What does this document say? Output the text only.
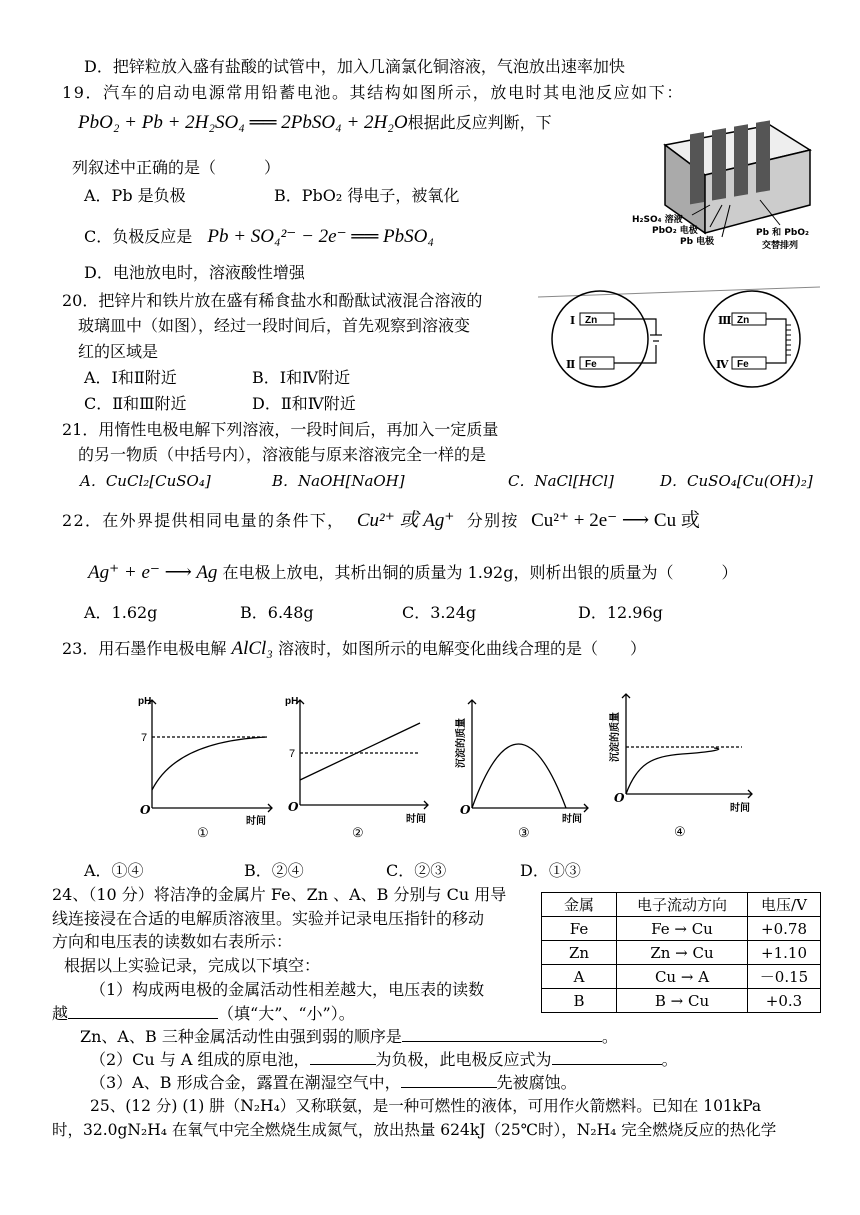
D．把锌粒放入盛有盐酸的试管中，加入几滴氯化铜溶液，气泡放出速率加快
19．汽车的启动电源常用铅蓄电池。其结构如图所示，放电时其电池反应如下：
PbO₂ + Pb + 2H₂SO₄ ══ 2PbSO₄ + 2H₂O根据此反应判断，下
列叙述中正确的是（　　　）
A．Pb 是负极	B．PbO₂ 得电子，被氧化
C．负极反应是 Pb + SO₄²⁻ − 2e⁻ ══ PbSO₄
D．电池放电时，溶液酸性增强
H₂SO₄ 溶液
PbO₂ 电极
Pb 电极
Pb 和 PbO₂
交替排列
20．把锌片和铁片放在盛有稀食盐水和酚酞试液混合溶液的
玻璃皿中（如图），经过一段时间后，首先观察到溶液变
红的区域是
A．Ⅰ和Ⅱ附近	B．Ⅰ和Ⅳ附近
C．Ⅱ和Ⅲ附近	D．Ⅱ和Ⅳ附近
Ⅰ Zn
Ⅱ Fe
Ⅲ Zn
Ⅳ Fe
21．用惰性电极电解下列溶液，一段时间后，再加入一定质量
的另一物质（中括号内），溶液能与原来溶液完全一样的是
A．CuCl₂[CuSO₄]	B．NaOH[NaOH]	C．NaCl[HCl]	D．CuSO₄[Cu(OH)₂]
22．在外界提供相同电量的条件下， Cu²⁺ 或 Ag⁺ 分别按 Cu²⁺ + 2e⁻ ⟶ Cu 或
Ag⁺ + e⁻ ⟶ Ag 在电极上放电，其析出铜的质量为 1.92g，则析出银的质量为（　　　）
A．1.62g	B．6.48g	C．3.24g	D．12.96g
23．用石墨作电极电解 AlCl₃ 溶液时，如图所示的电解变化曲线合理的是（　　）
pH
7
O
时间
①
pH
7
O
时间
②
沉淀的质量
O
时间
③
沉淀的质量
O
时间
④
A．①④	B．②④	C．②③	D．①③
24、（10 分）将洁净的金属片 Fe、Zn 、A、B 分别与 Cu 用导
线连接浸在合适的电解质溶液里。实验并记录电压指针的移动
方向和电压表的读数如右表所示：
根据以上实验记录，完成以下填空：
（1）构成两电极的金属活动性相差越大，电压表的读数
越	（填“大”、“小”）。
Zn、A、B 三种金属活动性由强到弱的顺序是	。
（2）Cu 与 A 组成的原电池，	为负极，此电极反应式为	。
（3）A、B 形成合金，露置在潮湿空气中，	先被腐蚀。
金属	电子流动方向	电压/V
Fe	Fe → Cu	+0.78
Zn	Zn → Cu	+1.10
A	Cu → A	－0.15
B	B → Cu	+0.3
25、(12 分) (1) 肼（N₂H₄）又称联氨，是一种可燃性的液体，可用作火箭燃料。已知在 101kPa
时，32.0gN₂H₄ 在氧气中完全燃烧生成氮气，放出热量 624kJ（25℃时），N₂H₄ 完全燃烧反应的热化学
